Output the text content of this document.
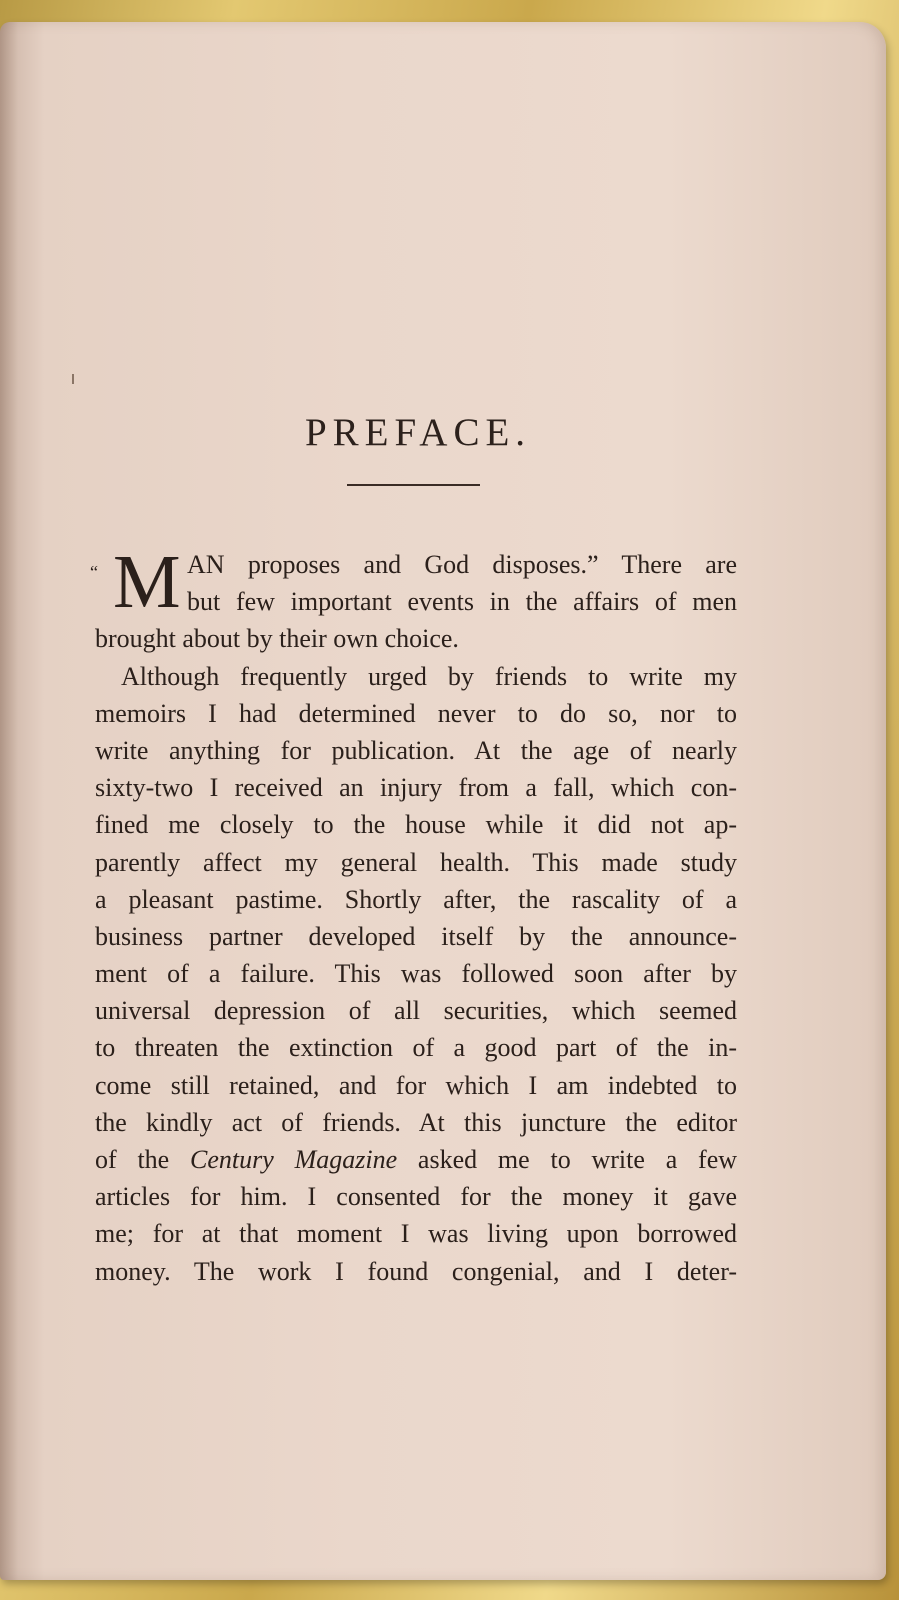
PREFACE.
“ M AN proposes and God disposes.” There are
but few important events in the affairs of men
brought about by their own choice.
Although frequently urged by friends to write my
memoirs I had determined never to do so, nor to
write anything for publication. At the age of nearly
sixty-two I received an injury from a fall, which con-
fined me closely to the house while it did not ap-
parently affect my general health. This made study
a pleasant pastime. Shortly after, the rascality of a
business partner developed itself by the announce-
ment of a failure. This was followed soon after by
universal depression of all securities, which seemed
to threaten the extinction of a good part of the in-
come still retained, and for which I am indebted to
the kindly act of friends. At this juncture the editor
of the Century Magazine asked me to write a few
articles for him. I consented for the money it gave
me; for at that moment I was living upon borrowed
money. The work I found congenial, and I deter-
